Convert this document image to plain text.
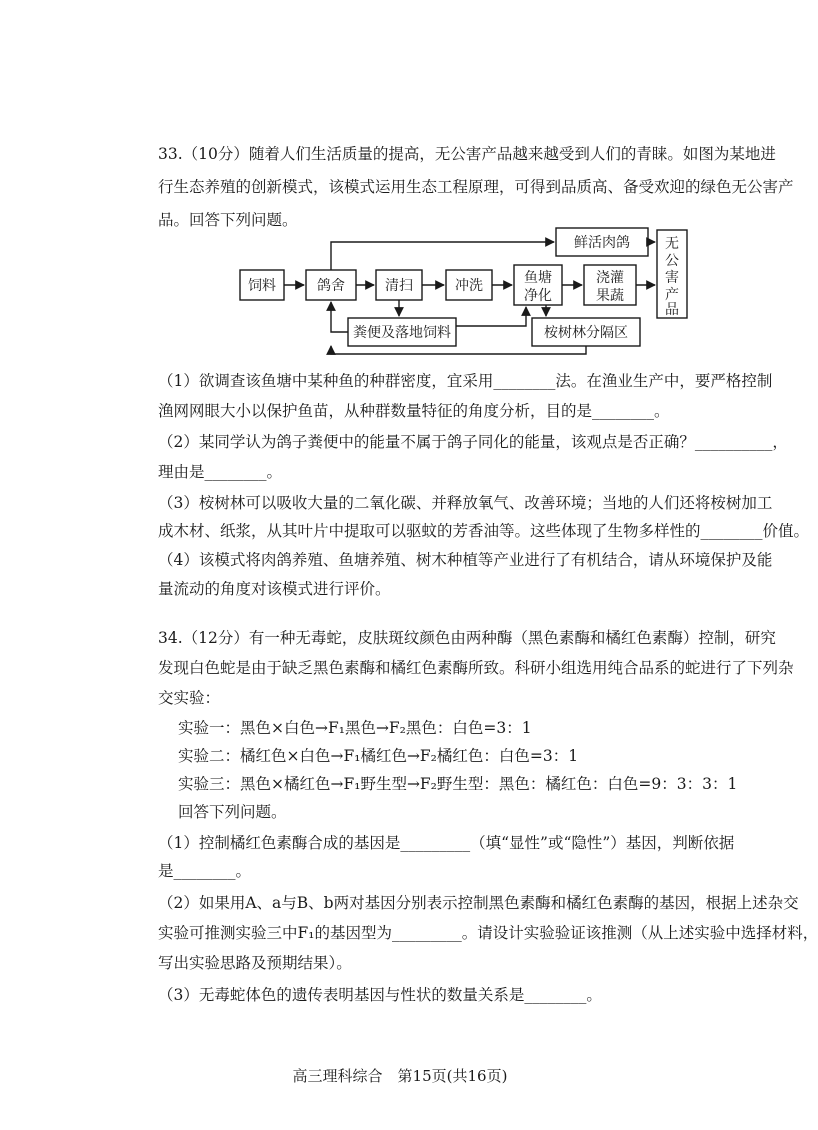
33.（10分）随着人们生活质量的提高，无公害产品越来越受到人们的青睐。如图为某地进
行生态养殖的创新模式，该模式运用生态工程原理，可得到品质高、备受欢迎的绿色无公害产
品。回答下列问题。
饲料	鸽舍	清扫	冲洗	鱼塘
净化
浇灌
果蔬
鲜活肉鸽	无
公
害
产
品
粪便及落地饲料	桉树林分隔区
（1）欲调查该鱼塘中某种鱼的种群密度，宜采用________法。在渔业生产中，要严格控制
渔网网眼大小以保护鱼苗，从种群数量特征的角度分析，目的是________。
（2）某同学认为鸽子粪便中的能量不属于鸽子同化的能量，该观点是否正确？__________，
理由是________。
（3）桉树林可以吸收大量的二氧化碳、并释放氧气、改善环境；当地的人们还将桉树加工
成木材、纸浆，从其叶片中提取可以驱蚊的芳香油等。这些体现了生物多样性的________价值。
（4）该模式将肉鸽养殖、鱼塘养殖、树木种植等产业进行了有机结合，请从环境保护及能
量流动的角度对该模式进行评价。
34.（12分）有一种无毒蛇，皮肤斑纹颜色由两种酶（黑色素酶和橘红色素酶）控制，研究
发现白色蛇是由于缺乏黑色素酶和橘红色素酶所致。科研小组选用纯合品系的蛇进行了下列杂
交实验：
实验一：黑色×白色→F₁黑色→F₂黑色：白色=3：1
实验二：橘红色×白色→F₁橘红色→F₂橘红色：白色=3：1
实验三：黑色×橘红色→F₁野生型→F₂野生型：黑色：橘红色：白色=9：3：3：1
回答下列问题。
（1）控制橘红色素酶合成的基因是_________（填“显性”或“隐性”）基因，判断依据
是________。
（2）如果用A、a与B、b两对基因分别表示控制黑色素酶和橘红色素酶的基因，根据上述杂交
实验可推测实验三中F₁的基因型为_________。请设计实验验证该推测（从上述实验中选择材料，
写出实验思路及预期结果）。
（3）无毒蛇体色的遗传表明基因与性状的数量关系是________。
高三理科综合　第15页(共16页)
